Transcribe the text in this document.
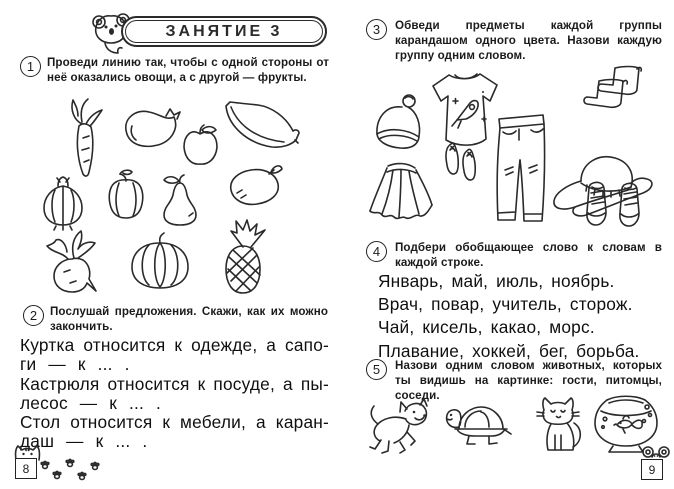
ЗАНЯТИЕ 3
1	Проведи линию так, чтобы с одной стороны от неё оказались овощи, а с другой — фрукты.

2	Послушай предложения. Скажи, как их можно закончить.

Куртка относится к одежде, а сапо-
ги — к ... .
Кастрюля относится к посуде, а пы-
лесос — к ... .
Стол относится к мебели, а каран-
даш — к ... .
8
3	Обведи предметы каждой группы карандашом одного цвета. Назови каждую группу одним словом.

4	Подбери обобщающее слово к словам в каждой строке.

Январь, май, июль, ноябрь.
Врач, повар, учитель, сторож.
Чай, кисель, какао, морс.
Плавание, хоккей, бег, борьба.
5	Назови одним словом животных, которых ты видишь на картинке: гости, питомцы, соседи.

9
